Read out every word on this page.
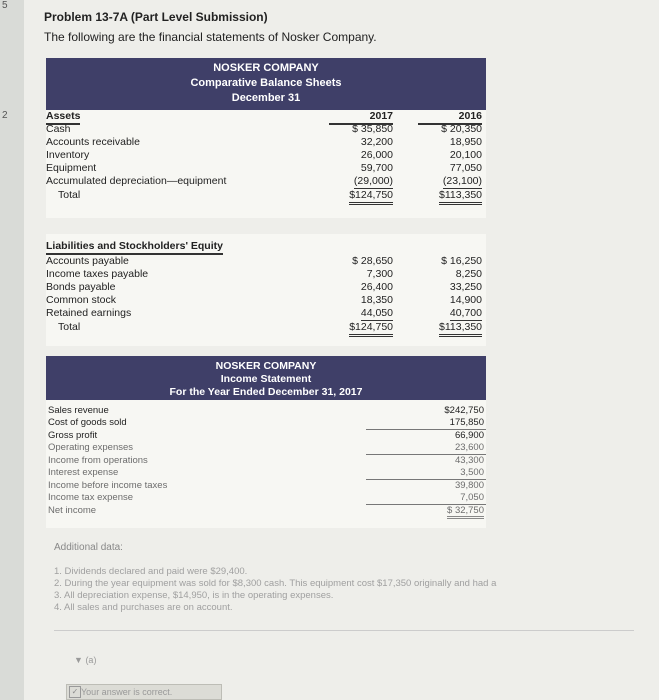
5
2
Problem 13-7A (Part Level Submission)
The following are the financial statements of Nosker Company.
NOSKER COMPANY
Comparative Balance Sheets
December 31
Assets	2017	2016
Cash	$ 35,850	$ 20,350
Accounts receivable	32,200	18,950
Inventory	26,000	20,100
Equipment	59,700	77,050
Accumulated depreciation—equipment	(29,000)	(23,100)
Total	$124,750	$113,350
Liabilities and Stockholders' Equity
Accounts payable	$ 28,650	$ 16,250
Income taxes payable	7,300	8,250
Bonds payable	26,400	33,250
Common stock	18,350	14,900
Retained earnings	44,050	40,700
Total	$124,750	$113,350
NOSKER COMPANY
Income Statement
For the Year Ended December 31, 2017
Sales revenue	$242,750
Cost of goods sold	175,850
Gross profit	66,900
Operating expenses	23,600
Income from operations	43,300
Interest expense	3,500
Income before income taxes	39,800
Income tax expense	7,050
Net income	$ 32,750
Additional data:
1. Dividends declared and paid were $29,400.
2. During the year equipment was sold for $8,300 cash. This equipment cost $17,350 originally and had a
3. All depreciation expense, $14,950, is in the operating expenses.
4. All sales and purchases are on account.
▼ (a)
✓ Your answer is correct.
